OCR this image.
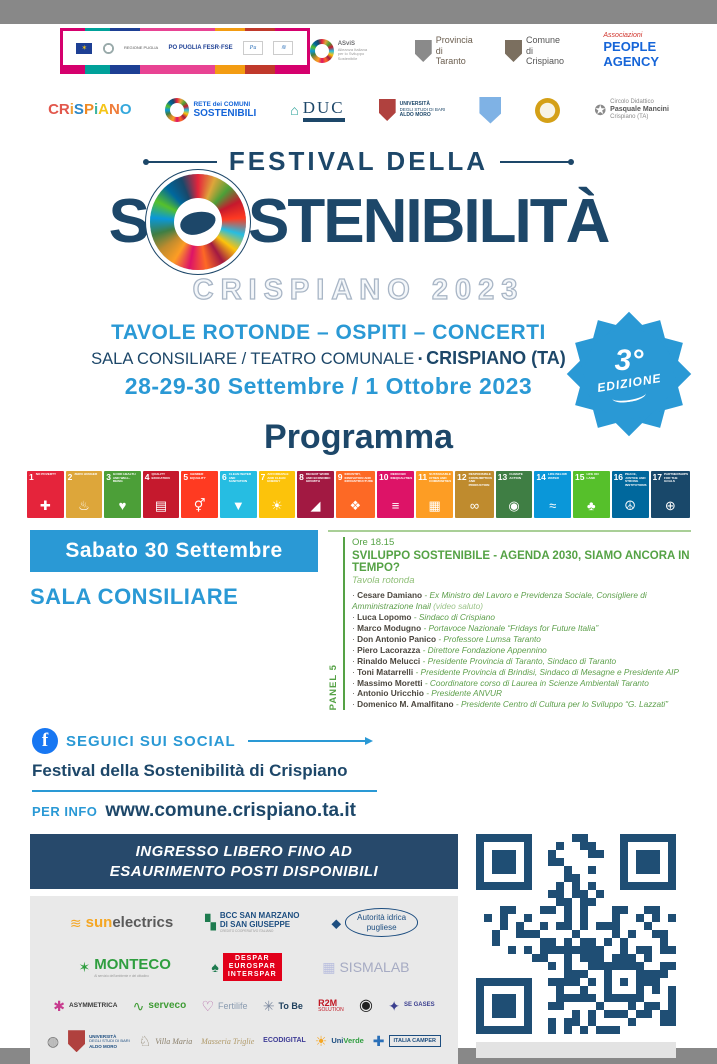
✶	REGIONE PUGLIA PO PUGLIA FESR·FSE	Pu	≋
ASviS
Alleanza Italiana
per lo Sviluppo Sostenibile
Provincia
di Taranto
Comune
di Crispiano
Associazioni
PEOPLE
AGENCY
CRiSPiANO	RETE dei COMUNI
SOSTENIBILI ⌂ DUC	UNIVERSITÀ
DEGLI STUDI DI BARI
ALDO MORO	✪ Circolo Didattico
Pasquale Mancini
Crispiano (TA)
FESTIVAL DELLA
S STENIBILITÀ
CRISPIANO 2023
TAVOLE ROTONDE – OSPITI – CONCERTI
SALA CONSILIARE / TEATRO COMUNALE ▪ CRISPIANO (TA)
28-29-30 Settembre / 1 Ottobre 2023
3°
EDIZIONE
Programma
1 NO POVERTY
✚
2 ZERO HUNGER
♨
3 GOOD HEALTH AND WELL-BEING
♥
4 QUALITY EDUCATION
▤
5 GENDER EQUALITY
⚥
6 CLEAN WATER AND SANITATION
▼
7 AFFORDABLE AND CLEAN ENERGY
☀
8 DECENT WORK AND ECONOMIC GROWTH
◢
9 INDUSTRY, INNOVATION AND INFRASTRUCTURE
❖
10 REDUCED INEQUALITIES
≡
11 SUSTAINABLE CITIES AND COMMUNITIES
▦
12 RESPONSIBLE CONSUMPTION AND PRODUCTION
∞
13 CLIMATE ACTION
◉
14 LIFE BELOW WATER
≈
15 LIFE ON LAND
♣
16 PEACE, JUSTICE AND STRONG INSTITUTIONS
☮
17 PARTNERSHIPS FOR THE GOALS
⊕
Sabato 30 Settembre
SALA CONSILIARE
PANEL 5
Ore 18.15
SVILUPPO SOSTENIBILE - AGENDA 2030, SIAMO ANCORA IN TEMPO?
Tavola rotonda
· Cesare Damiano - Ex Ministro del Lavoro e Previdenza Sociale, Consigliere di Amministrazione Inail (video saluto)
· Luca Lopomo - Sindaco di Crispiano
· Marco Modugno - Portavoce Nazionale “Fridays for Future Italia”
· Don Antonio Panico - Professore Lumsa Taranto
· Piero Lacorazza - Direttore Fondazione Appennino
· Rinaldo Melucci - Presidente Provincia di Taranto, Sindaco di Taranto
· Toni Matarrelli - Presidente Provincia di Brindisi, Sindaco di Mesagne e Presidente AIP
· Massimo Moretti - Coordinatore corso di Laurea in Scienze Ambientali Taranto
· Antonio Uricchio - Presidente ANVUR
· Domenico M. Amalfitano - Presidente Centro di Cultura per lo Sviluppo “G. Lazzati”
f	SEGUICI SUI SOCIAL
Festival della Sostenibilità di Crispiano
PER INFO www.comune.crispiano.ta.it
INGRESSO LIBERO FINO AD
ESAURIMENTO POSTI DISPONIBILI
≋ sunelectrics ▚ BCC SAN MARZANO
DI SAN GIUSEPPE
CREDITO COOPERATIVO ITALIANO
⬥ Autorità idrica
pugliese
✶ MONTECO
Al servizio dell'ambiente e del cittadino
♠
DESPAR
EUROSPAR
INTERSPAR	▦ SISMALAB
✱ ASYMMETRICA ∿ serveco ♡ Fertilife ✳ To Be R2M
SOLUTION ◉ ✦ SE GASES
◍	UNIVERSITÀ
DEGLI STUDI DI BARI
ALDO MORO	♘ Villa Maria Masseria Triglie ECODIGITAL ☀ UniVerde ✚ ITALIA CAMPER
